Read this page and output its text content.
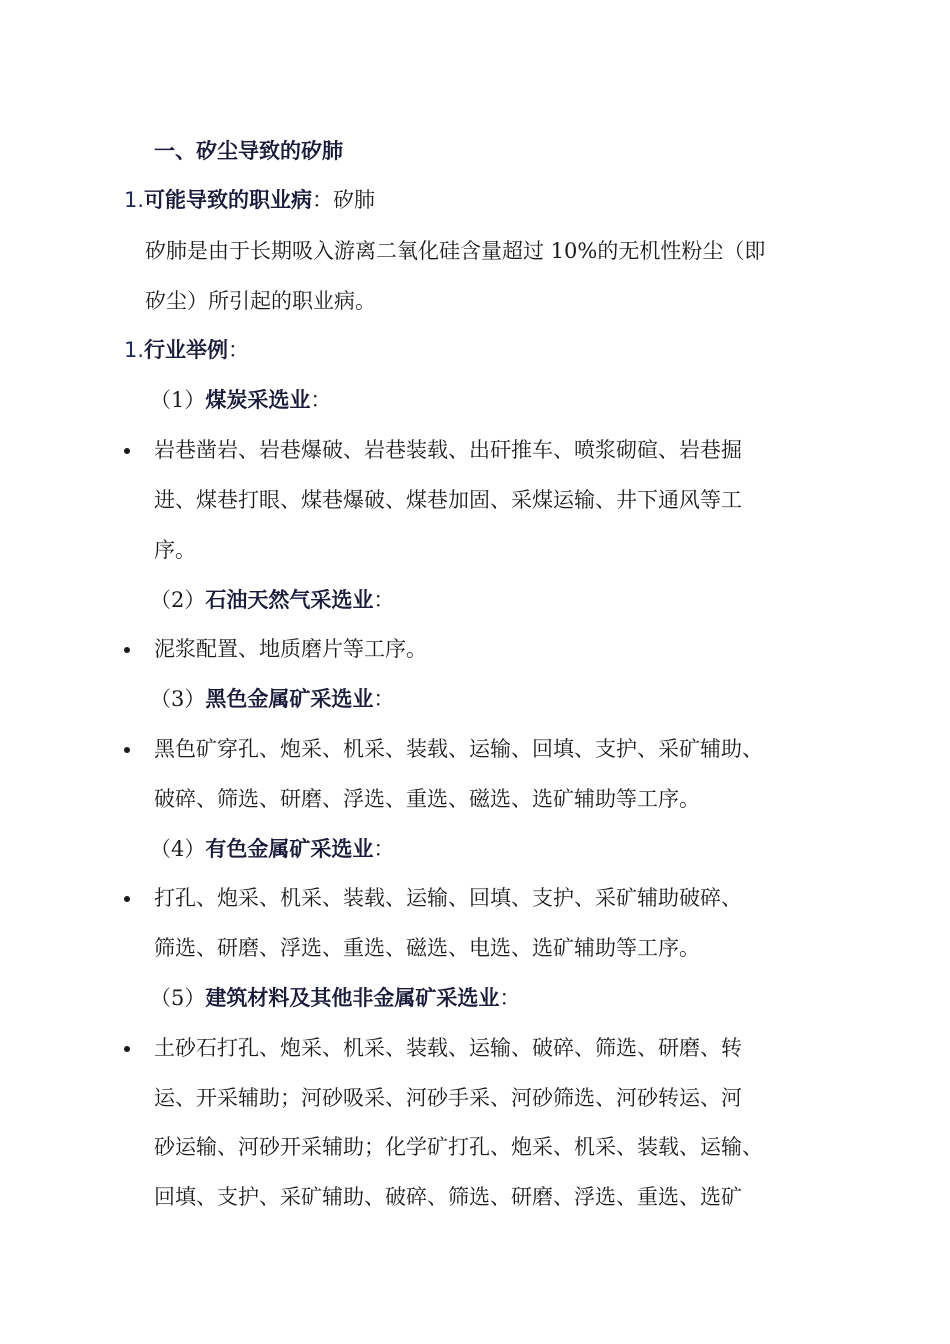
一、矽尘导致的矽肺
1.可能导致的职业病：矽肺
矽肺是由于长期吸入游离二氧化硅含量超过 10%的无机性粉尘（即
矽尘）所引起的职业病。
1.行业举例：
（1）煤炭采选业：
岩巷凿岩、岩巷爆破、岩巷装载、出矸推车、喷浆砌碹、岩巷掘
进、煤巷打眼、煤巷爆破、煤巷加固、采煤运输、井下通风等工
序。
（2）石油天然气采选业：
泥浆配置、地质磨片等工序。
（3）黑色金属矿采选业：
黑色矿穿孔、炮采、机采、装载、运输、回填、支护、采矿辅助、
破碎、筛选、研磨、浮选、重选、磁选、选矿辅助等工序。
（4）有色金属矿采选业：
打孔、炮采、机采、装载、运输、回填、支护、采矿辅助破碎、
筛选、研磨、浮选、重选、磁选、电选、选矿辅助等工序。
（5）建筑材料及其他非金属矿采选业：
土砂石打孔、炮采、机采、装载、运输、破碎、筛选、研磨、转
运、开采辅助；河砂吸采、河砂手采、河砂筛选、河砂转运、河
砂运输、河砂开采辅助；化学矿打孔、炮采、机采、装载、运输、
回填、支护、采矿辅助、破碎、筛选、研磨、浮选、重选、选矿
